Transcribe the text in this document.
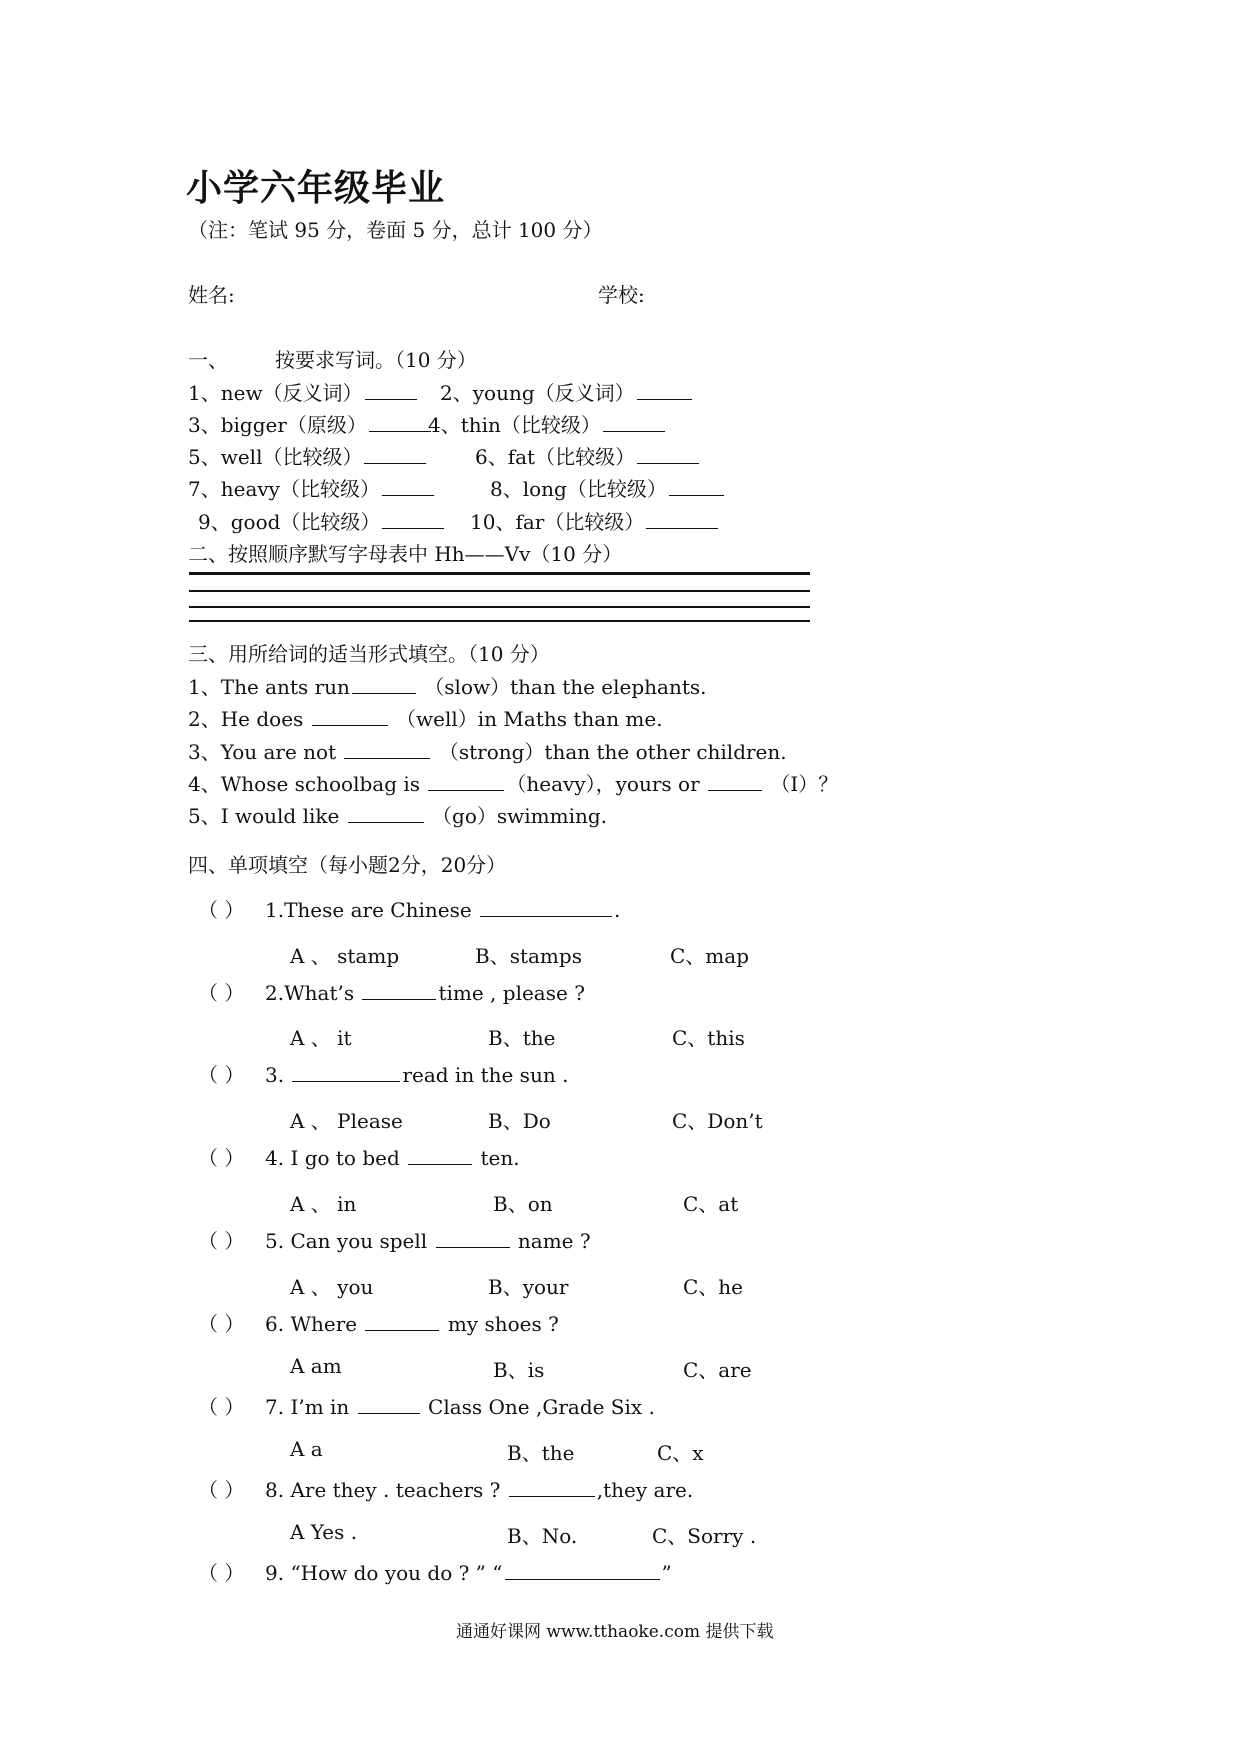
小学六年级毕业
（注：笔试 95 分，卷面 5 分，总计 100 分）
姓名:	学校:
一、 按要求写词。（10 分）
1、new（反义词）	2、young（反义词）
3、bigger（原级）	4、thin（比较级）
5、well（比较级）	6、fat（比较级）
7、heavy（比较级）	8、long（比较级）
9、good（比较级）	10、far（比较级）
二、按照顺序默写字母表中 Hh——Vv（10 分）
三、用所给词的适当形式填空。（10 分）
1、The ants run	（slow）than the elephants.
2、He does	（well）in Maths than me.
3、You are not	（strong）than the other children.
4、Whose schoolbag is	（heavy），yours or	（I）？
5、I would like	（go）swimming.
四、单项填空（每小题2分，20分）
（ ） 1.These are Chinese	.
A 、 stamp	B、stamps	C、map
（ ） 2.What’s	time , please ?
A 、 it	B、the	C、this
（ ） 3.	read in the sun .
A 、 Please	B、Do	C、Don’t
（ ） 4. I go to bed	ten.
A 、 in	B、on	C、at
（ ） 5. Can you spell	name ?
A 、 you	B、your	C、he
（ ） 6. Where	my shoes ?
A am	B、is	C、are
（ ） 7. I’m in	Class One ,Grade Six .
A a	B、the	C、x
（ ） 8. Are they . teachers ?	,they are.
A Yes .	B、No.	C、Sorry .
（ ） 9. “How do you do ? ” “	”
通通好课网 www.tthaoke.com 提供下载
